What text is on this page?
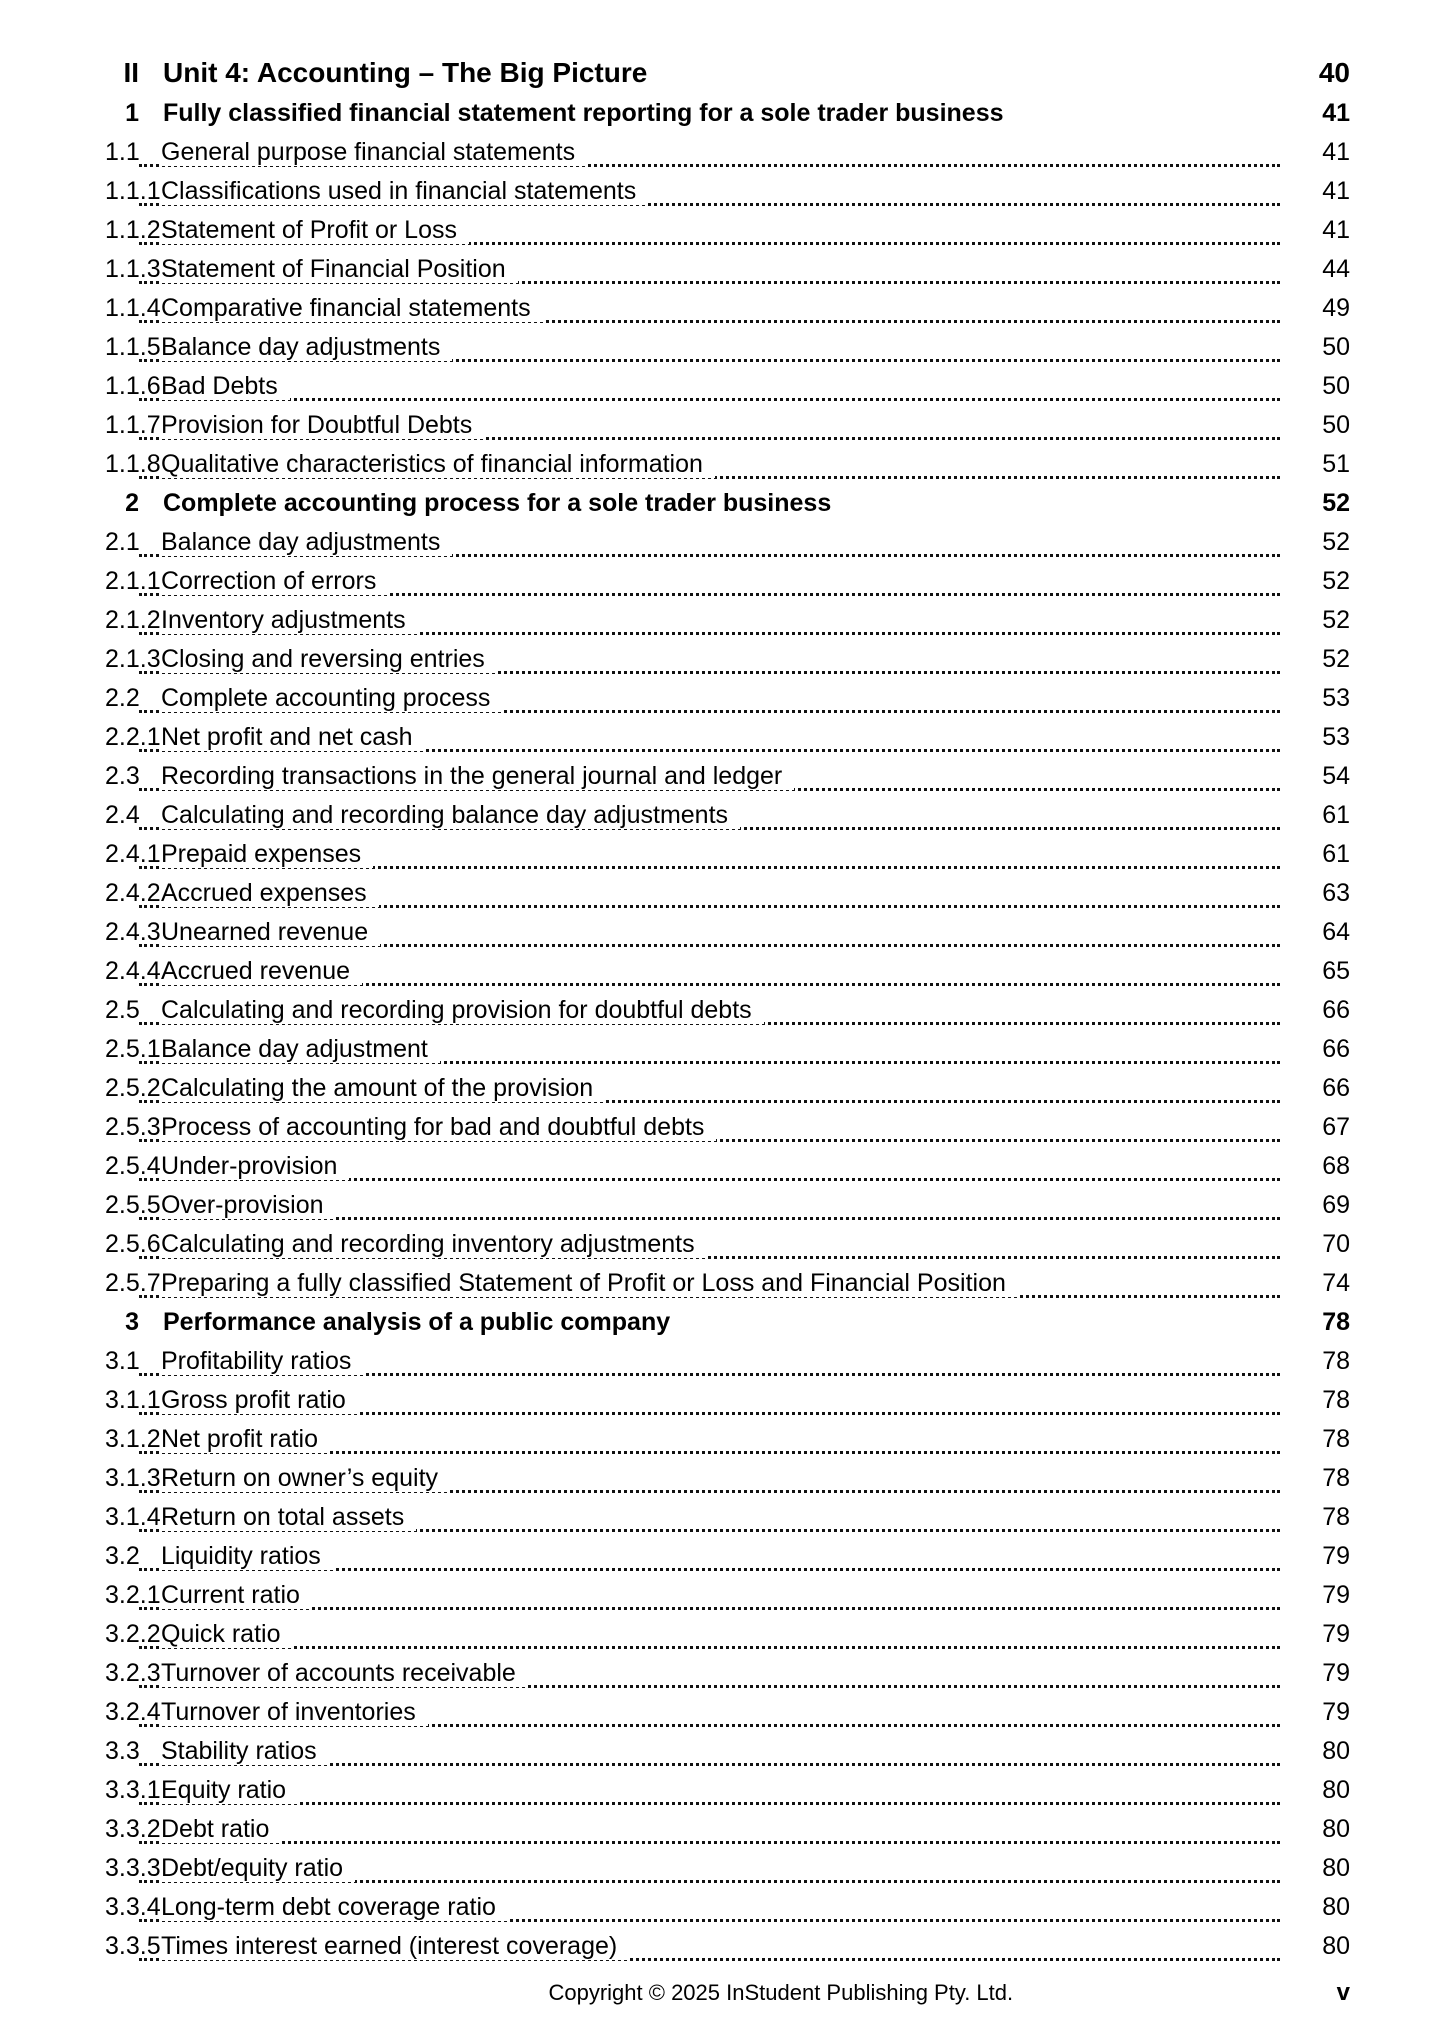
II	Unit 4: Accounting – The Big Picture	40
1	Fully classified financial statement reporting for a sole trader business	41
1.1	General purpose financial statements	41
1.1.1	Classifications used in financial statements	41
1.1.2	Statement of Profit or Loss	41
1.1.3	Statement of Financial Position	44
1.1.4	Comparative financial statements	49
1.1.5	Balance day adjustments	50
1.1.6	Bad Debts	50
1.1.7	Provision for Doubtful Debts	50
1.1.8	Qualitative characteristics of financial information	51
2	Complete accounting process for a sole trader business	52
2.1	Balance day adjustments	52
2.1.1	Correction of errors	52
2.1.2	Inventory adjustments	52
2.1.3	Closing and reversing entries	52
2.2	Complete accounting process	53
2.2.1	Net profit and net cash	53
2.3	Recording transactions in the general journal and ledger	54
2.4	Calculating and recording balance day adjustments	61
2.4.1	Prepaid expenses	61
2.4.2	Accrued expenses	63
2.4.3	Unearned revenue	64
2.4.4	Accrued revenue	65
2.5	Calculating and recording provision for doubtful debts	66
2.5.1	Balance day adjustment	66
2.5.2	Calculating the amount of the provision	66
2.5.3	Process of accounting for bad and doubtful debts	67
2.5.4	Under-provision	68
2.5.5	Over-provision	69
2.5.6	Calculating and recording inventory adjustments	70
2.5.7	Preparing a fully classified Statement of Profit or Loss and Financial Position	74
3	Performance analysis of a public company	78
3.1	Profitability ratios	78
3.1.1	Gross profit ratio	78
3.1.2	Net profit ratio	78
3.1.3	Return on owner’s equity	78
3.1.4	Return on total assets	78
3.2	Liquidity ratios	79
3.2.1	Current ratio	79
3.2.2	Quick ratio	79
3.2.3	Turnover of accounts receivable	79
3.2.4	Turnover of inventories	79
3.3	Stability ratios	80
3.3.1	Equity ratio	80
3.3.2	Debt ratio	80
3.3.3	Debt/equity ratio	80
3.3.4	Long-term debt coverage ratio	80
3.3.5	Times interest earned (interest coverage)	80
Copyright © 2025 InStudent Publishing Pty. Ltd.	v
